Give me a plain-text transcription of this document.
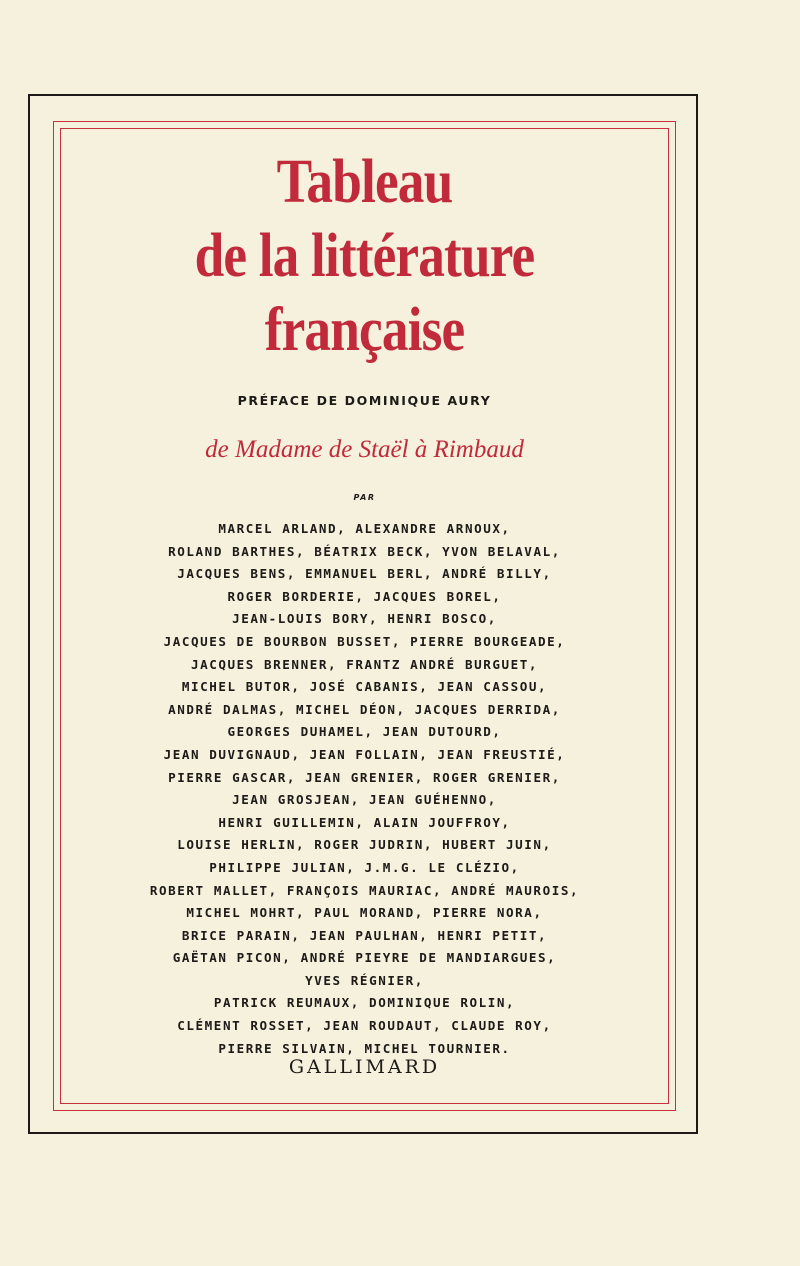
Tableau
de la littérature
française
PRÉFACE DE DOMINIQUE AURY
de Madame de Staël à Rimbaud
PAR
MARCEL ARLAND, ALEXANDRE ARNOUX,
ROLAND BARTHES, BÉATRIX BECK, YVON BELAVAL,
JACQUES BENS, EMMANUEL BERL, ANDRÉ BILLY,
ROGER BORDERIE, JACQUES BOREL,
JEAN-LOUIS BORY, HENRI BOSCO,
JACQUES DE BOURBON BUSSET, PIERRE BOURGEADE,
JACQUES BRENNER, FRANTZ ANDRÉ BURGUET,
MICHEL BUTOR, JOSÉ CABANIS, JEAN CASSOU,
ANDRÉ DALMAS, MICHEL DÉON, JACQUES DERRIDA,
GEORGES DUHAMEL, JEAN DUTOURD,
JEAN DUVIGNAUD, JEAN FOLLAIN, JEAN FREUSTIÉ,
PIERRE GASCAR, JEAN GRENIER, ROGER GRENIER,
JEAN GROSJEAN, JEAN GUÉHENNO,
HENRI GUILLEMIN, ALAIN JOUFFROY,
LOUISE HERLIN, ROGER JUDRIN, HUBERT JUIN,
PHILIPPE JULIAN, J.M.G. LE CLÉZIO,
ROBERT MALLET, FRANÇOIS MAURIAC, ANDRÉ MAUROIS,
MICHEL MOHRT, PAUL MORAND, PIERRE NORA,
BRICE PARAIN, JEAN PAULHAN, HENRI PETIT,
GAËTAN PICON, ANDRÉ PIEYRE DE MANDIARGUES,
YVES RÉGNIER,
PATRICK REUMAUX, DOMINIQUE ROLIN,
CLÉMENT ROSSET, JEAN ROUDAUT, CLAUDE ROY,
PIERRE SILVAIN, MICHEL TOURNIER.
GALLIMARD
